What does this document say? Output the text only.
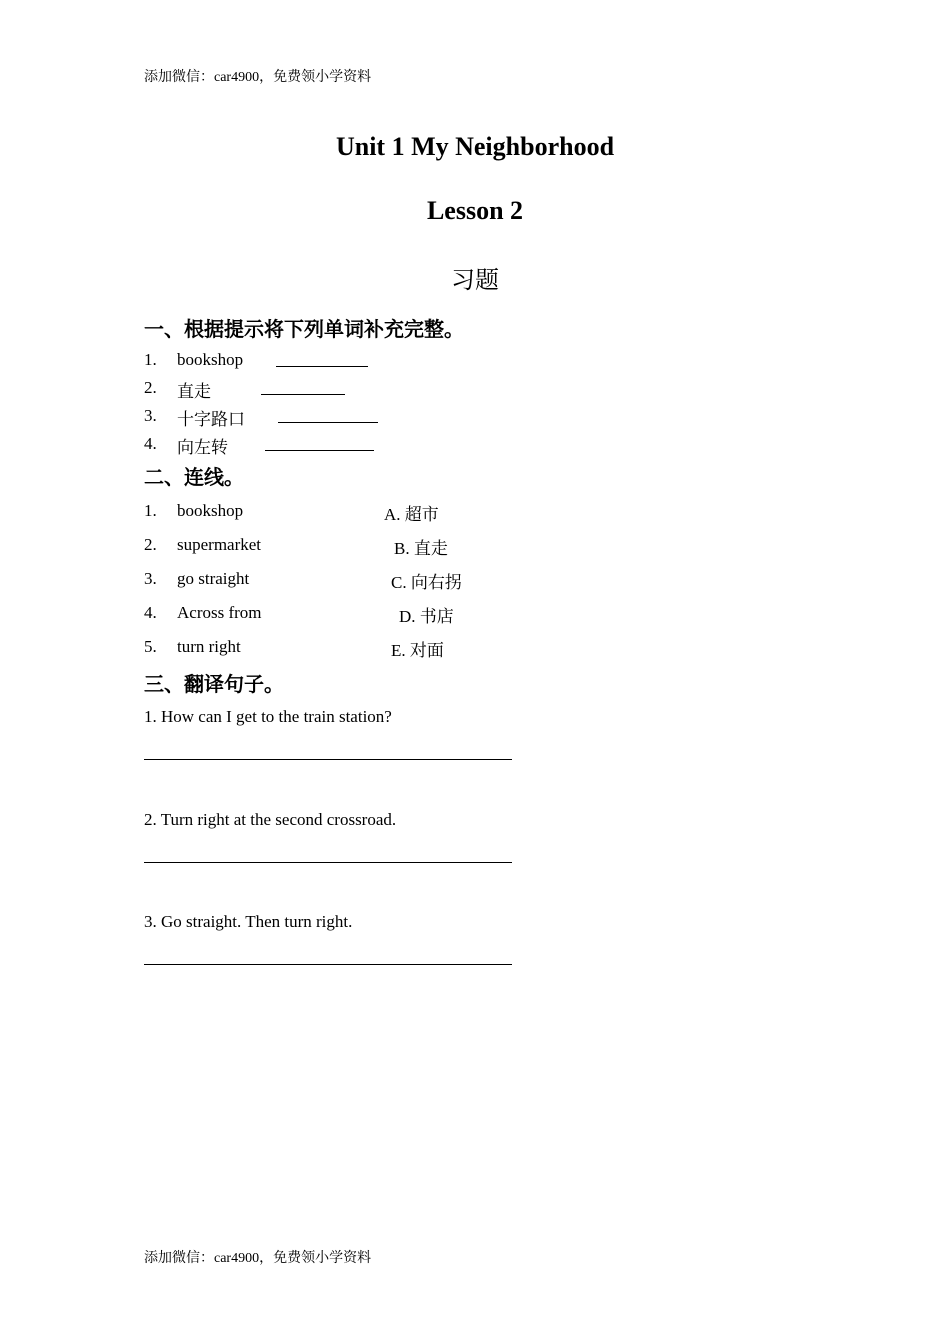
添加微信：car4900，免费领小学资料
Unit 1 My Neighborhood
Lesson 2
习题
一、根据提示将下列单词补充完整。
1. bookshop
2. 直走
3. 十字路口
4. 向左转
二、连线。
1. bookshop	A. 超市
2. supermarket	B. 直走
3. go straight	C. 向右拐
4. Across from	D. 书店
5. turn right	E. 对面
三、翻译句子。
1. How can I get to the train station?
2. Turn right at the second crossroad.
3. Go straight. Then turn right.
添加微信：car4900，免费领小学资料
